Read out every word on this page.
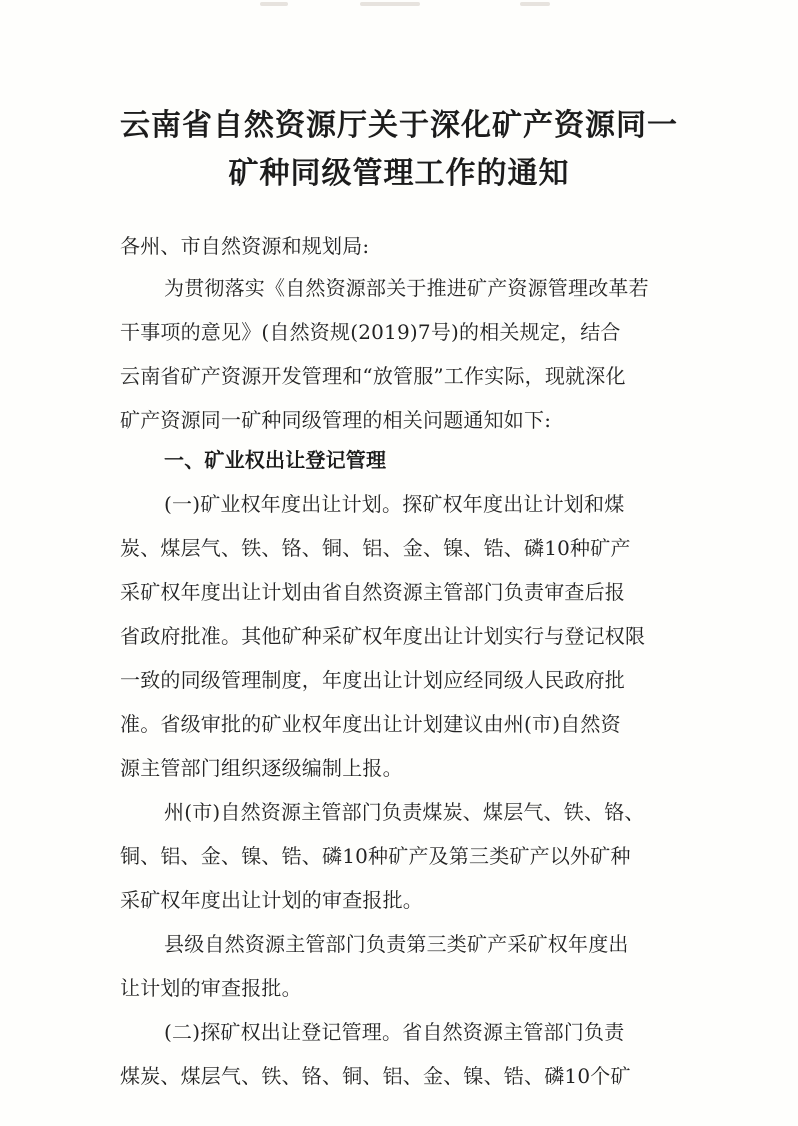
云南省自然资源厅关于深化矿产资源同一
矿种同级管理工作的通知
各州、市自然资源和规划局:
为贯彻落实《自然资源部关于推进矿产资源管理改革若
干事项的意见》(自然资规(2019)7号)的相关规定，结合
云南省矿产资源开发管理和“放管服”工作实际，现就深化
矿产资源同一矿种同级管理的相关问题通知如下:
一、矿业权出让登记管理
(一)矿业权年度出让计划。探矿权年度出让计划和煤
炭、煤层气、铁、铬、铜、铝、金、镍、锆、磷10种矿产
采矿权年度出让计划由省自然资源主管部门负责审查后报
省政府批准。其他矿种采矿权年度出让计划实行与登记权限
一致的同级管理制度，年度出让计划应经同级人民政府批
准。省级审批的矿业权年度出让计划建议由州(市)自然资
源主管部门组织逐级编制上报。
州(市)自然资源主管部门负责煤炭、煤层气、铁、铬、
铜、铝、金、镍、锆、磷10种矿产及第三类矿产以外矿种
采矿权年度出让计划的审查报批。
县级自然资源主管部门负责第三类矿产采矿权年度出
让计划的审查报批。
(二)探矿权出让登记管理。省自然资源主管部门负责
煤炭、煤层气、铁、铬、铜、铝、金、镍、锆、磷10个矿
